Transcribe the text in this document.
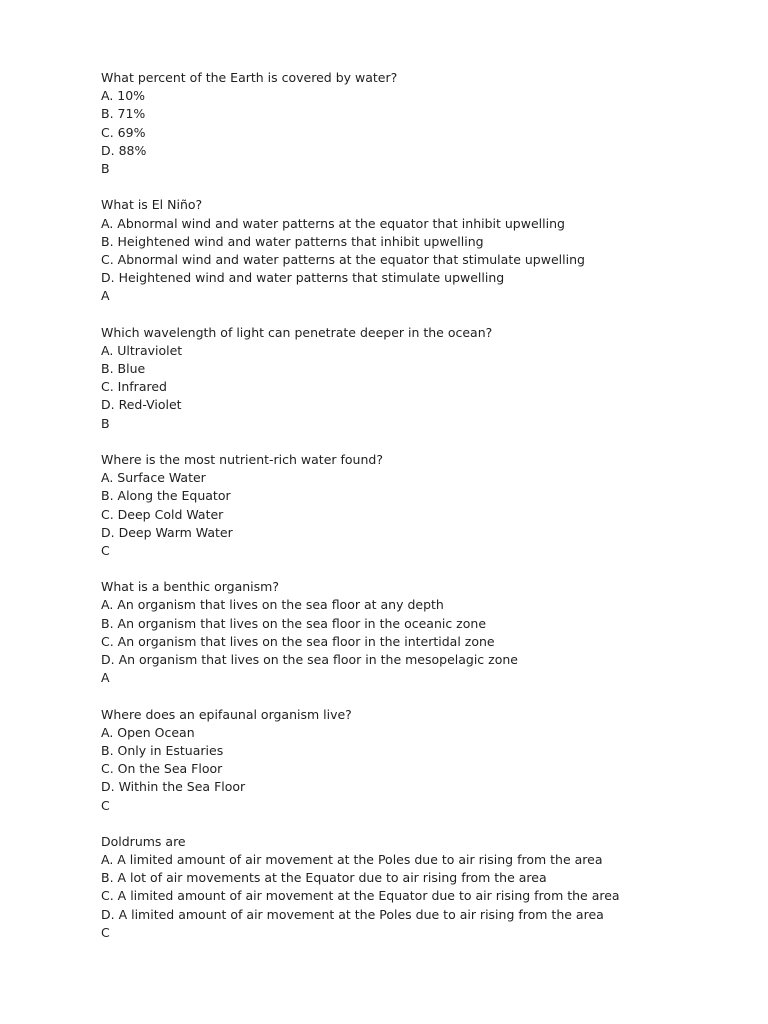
What percent of the Earth is covered by water?
A. 10%
B. 71%
C. 69%
D. 88%
B
What is El Niño?
A. Abnormal wind and water patterns at the equator that inhibit upwelling
B. Heightened wind and water patterns that inhibit upwelling
C. Abnormal wind and water patterns at the equator that stimulate upwelling
D. Heightened wind and water patterns that stimulate upwelling
A
Which wavelength of light can penetrate deeper in the ocean?
A. Ultraviolet
B. Blue
C. Infrared
D. Red-Violet
B
Where is the most nutrient-rich water found?
A. Surface Water
B. Along the Equator
C. Deep Cold Water
D. Deep Warm Water
C
What is a benthic organism?
A. An organism that lives on the sea floor at any depth
B. An organism that lives on the sea floor in the oceanic zone
C. An organism that lives on the sea floor in the intertidal zone
D. An organism that lives on the sea floor in the mesopelagic zone
A
Where does an epifaunal organism live?
A. Open Ocean
B. Only in Estuaries
C. On the Sea Floor
D. Within the Sea Floor
C
Doldrums are
A. A limited amount of air movement at the Poles due to air rising from the area
B. A lot of air movements at the Equator due to air rising from the area
C. A limited amount of air movement at the Equator due to air rising from the area
D. A limited amount of air movement at the Poles due to air rising from the area
C
